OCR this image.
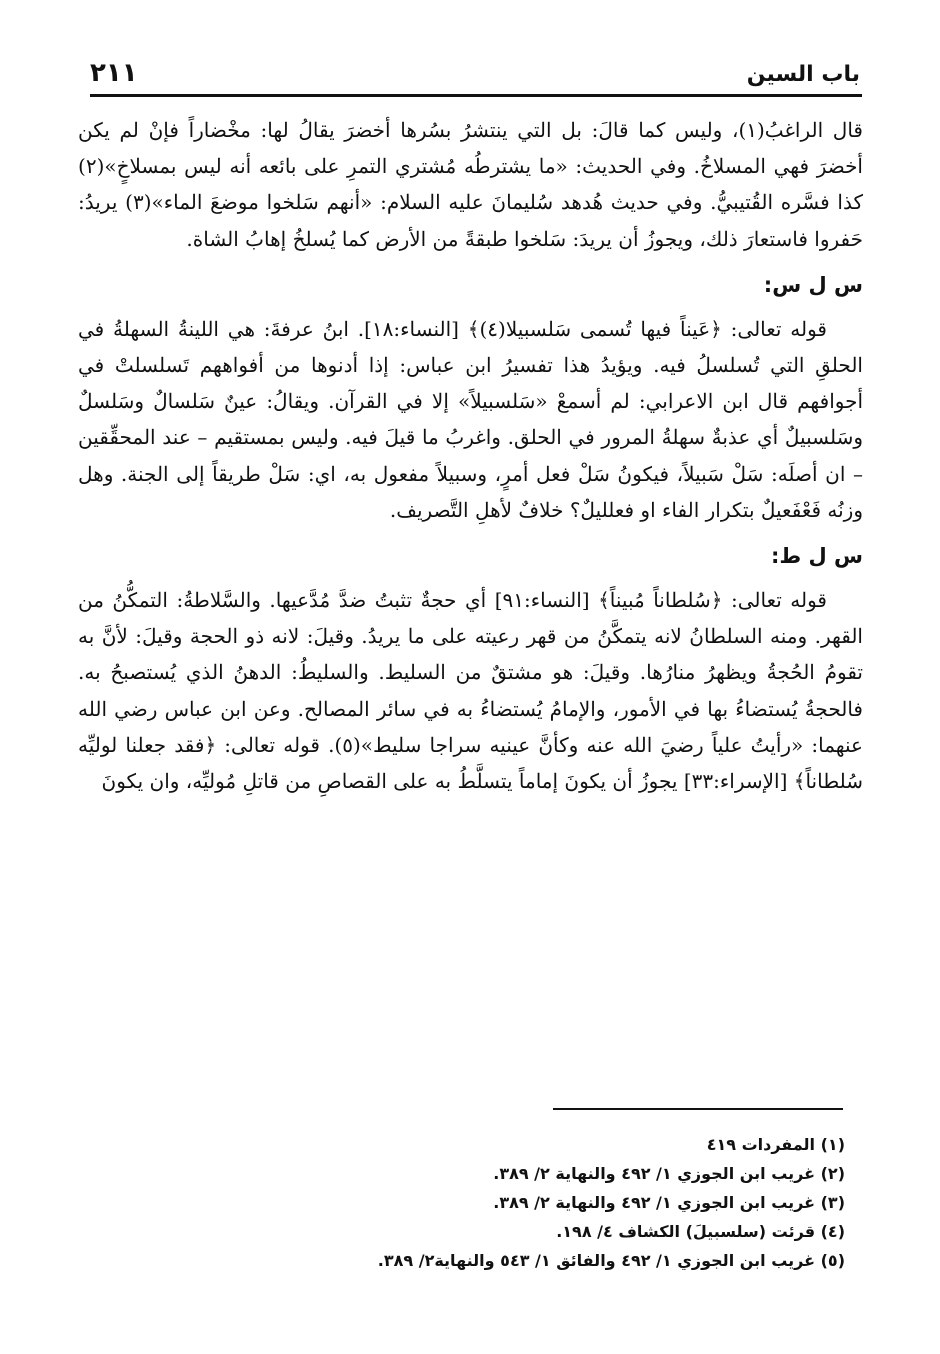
٢١١	باب السين

قال الراغبُ(١)، وليس كما قالَ: بل التي ينتشرُ بسُرها أخضرَ يقالُ لها: مخْضاراً فإنْ لم يكن أخضرَ فهي المسلاخُ. وفي الحديث: «ما يشترطُه مُشتري التمرِ على بائعه أنه ليس بمسلاخٍ»(٢) كذا فسَّره القُتيبيُّ. وفي حديث هُدهد سُليمانَ عليه السلام: «أنهم سَلخوا موضعَ الماء»(٣) يريدُ: حَفروا فاستعارَ ذلك، ويجوزُ أن يريدَ: سَلخوا طبقةً من الأرض كما يُسلخُ إهابُ الشاة.

س ل س:

قوله تعالى: ﴿عَيناً فيها تُسمى سَلسبيلا(٤)﴾ [النساء:١٨]. ابنُ عرفةَ: هي اللينةُ السهلةُ في الحلقِ التي تُسلسلُ فيه. ويؤيدُ هذا تفسيرُ ابن عباس: إذا أدنوها من أفواههم تَسلسلتْ في أجوافهم قال ابن الاعرابي: لم أسمعْ «سَلسبيلاً» إلا في القرآن. ويقالُ: عينٌ سَلسالٌ وسَلسلٌ وسَلسبيلٌ أي عذبةٌ سهلةُ المرور في الحلق. واغربُ ما قيلَ فيه. وليس بمستقيم – عند المحقِّقين – ان أصلَه: سَلْ سَبيلاً، فيكونُ سَلْ فعل أمرٍ، وسبيلاً مفعول به، اي: سَلْ طريقاً إلى الجنة. وهل وزنُه فَعْفَعيلٌ بتكرار الفاء او فعلليلٌ؟ خلافٌ لأهلِ التَّصريف.

س ل ط:

قوله تعالى: ﴿سُلطاناً مُبيناً﴾ [النساء:٩١] أي حجةٌ تثبتُ ضدَّ مُدَّعيها. والسَّلاطةُ: التمكُّنُ من القهر. ومنه السلطانُ لانه يتمكَّنُ من قهر رعيته على ما يريدُ. وقيلَ: لانه ذو الحجة وقيلَ: لأنَّ به تقومُ الحُجةُ ويظهرُ منارُها. وقيلَ: هو مشتقٌ من السليط. والسليطُ: الدهنُ الذي يُستصبحُ به. فالحجةُ يُستضاءُ بها في الأمور، والإمامُ يُستضاءُ به في سائر المصالح. وعن ابن عباس رضي الله عنهما: «رأيتُ علياً رضيَ الله عنه وكأنَّ عينيه سراجا سليط»(٥). قوله تعالى: ﴿فقد جعلنا لوليِّه سُلطاناً﴾ [الإسراء:٣٣] يجوزُ أن يكونَ إماماً يتسلَّطُ به على القصاصِ من قاتلِ مُوليِّه، وان يكونَ

(١) المفردات ٤١٩

(٢) غريب ابن الجوزي ١/ ٤٩٢ والنهاية ٢/ ٣٨٩.

(٣) غريب ابن الجوزي ١/ ٤٩٢ والنهاية ٢/ ٣٨٩.

(٤) قرئت (سلسبيلَ) الكشاف ٤/ ١٩٨.

(٥) غريب ابن الجوزي ١/ ٤٩٢ والفائق ١/ ٥٤٣ والنهاية٢/ ٣٨٩.
